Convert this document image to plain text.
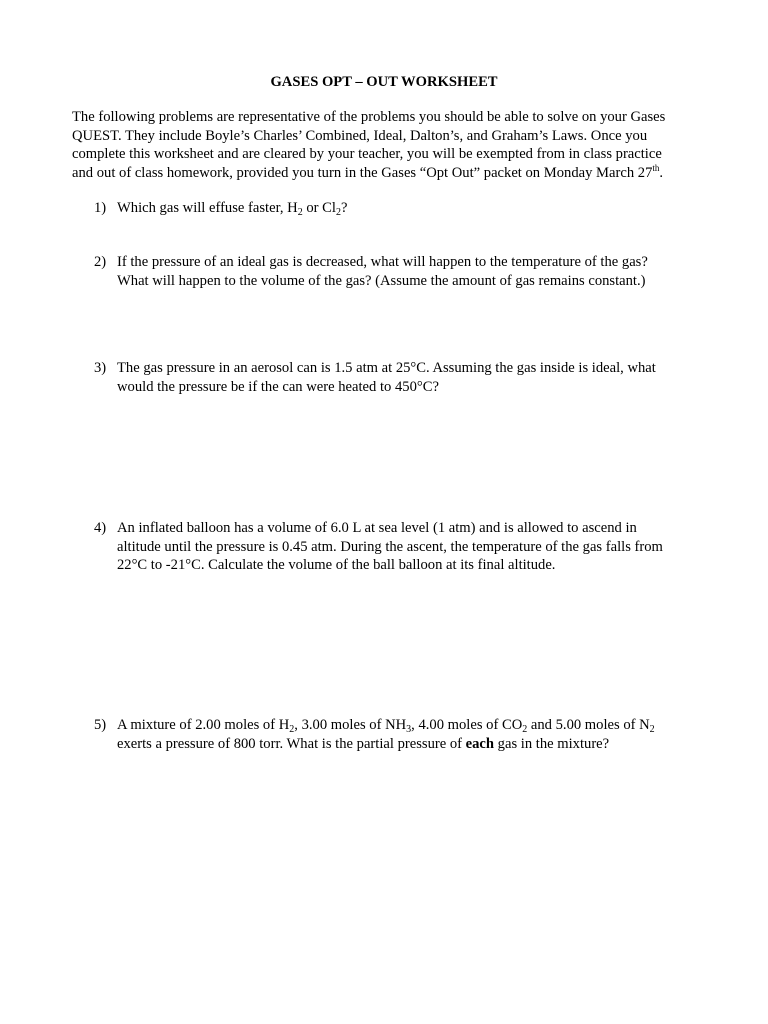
GASES OPT – OUT WORKSHEET
The following problems are representative of the problems you should be able to solve on your Gases
QUEST. They include Boyle’s Charles’ Combined, Ideal, Dalton’s, and Graham’s Laws. Once you
complete this worksheet and are cleared by your teacher, you will be exempted from in class practice
and out of class homework, provided you turn in the Gases “Opt Out” packet on Monday March 27th.
1) Which gas will effuse faster, $H_2$ or $Cl_2$?
2) If the pressure of an ideal gas is decreased, what will happen to the temperature of the gas?
What will happen to the volume of the gas? (Assume the amount of gas remains constant.)
3) The gas pressure in an aerosol can is 1.5 atm at 25°C. Assuming the gas inside is ideal, what
would the pressure be if the can were heated to 450°C?
4) An inflated balloon has a volume of 6.0 L at sea level (1 atm) and is allowed to ascend in
altitude until the pressure is 0.45 atm. During the ascent, the temperature of the gas falls from
22°C to -21°C. Calculate the volume of the ball balloon at its final altitude.
5) A mixture of 2.00 moles of $H_2$, 3.00 moles of $NH_3$, 4.00 moles of $CO_2$ and 5.00 moles of $N_2$
exerts a pressure of 800 torr. What is the partial pressure of each gas in the mixture?
